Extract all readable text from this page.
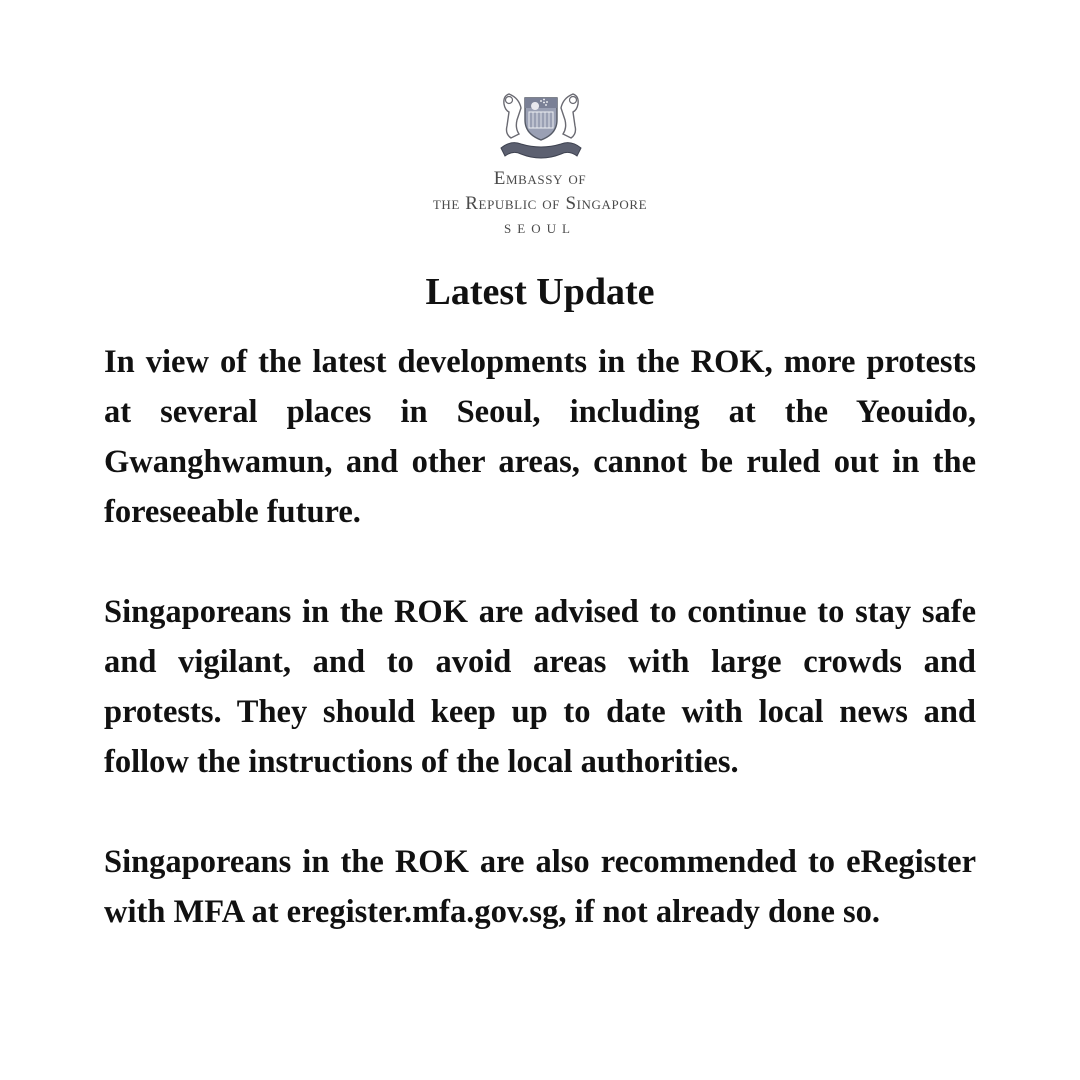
Embassy of
the Republic of Singapore
SEOUL
Latest Update

In view of the latest developments in the ROK, more protests at several places in Seoul, including at the Yeouido, Gwanghwamun, and other areas, cannot be ruled out in the foreseeable future.

Singaporeans in the ROK are advised to continue to stay safe and vigilant, and to avoid areas with large crowds and protests. They should keep up to date with local news and follow the instructions of the local authorities.

Singaporeans in the ROK are also recommended to eRegister with MFA at eregister.mfa.gov.sg, if not already done so.
